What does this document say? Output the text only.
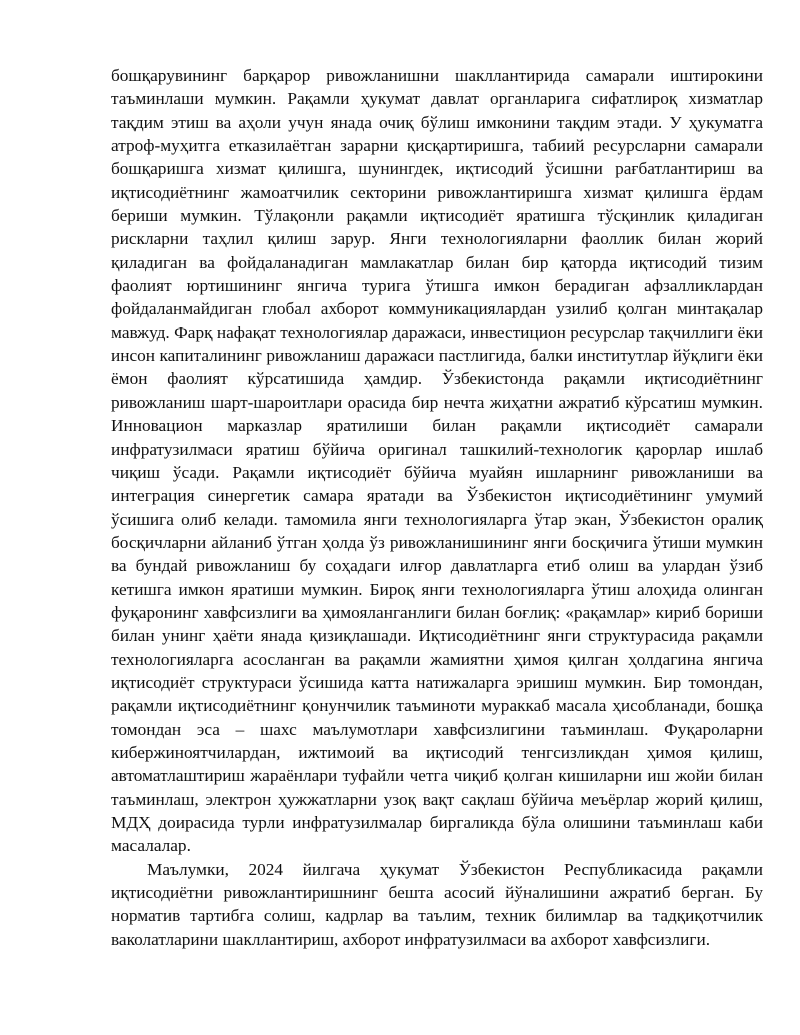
бошқарувининг барқарор ривожланишни шакллантирида самарали иштирокини таъминлаши мумкин. Рақамли ҳукумат давлат органларига сифатлироқ хизматлар тақдим этиш ва аҳоли учун янада очиқ бўлиш имконини тақдим этади. У ҳукуматга атроф-муҳитга етказилаётган зарарни қисқартиришга, табиий ресурсларни самарали бошқаришга хизмат қилишга, шунингдек, иқтисодий ўсишни рағбатлантириш ва иқтисодиётнинг жамоатчилик секторини ривожлантиришга хизмат қилишга ёрдам бериши мумкин. Тўлақонли рақамли иқтисодиёт яратишга тўсқинлик қиладиган рискларни таҳлил қилиш зарур. Янги технологияларни фаоллик билан жорий қиладиган ва фойдаланадиган мамлакатлар билан бир қаторда иқтисодий тизим фаолият юртишининг янгича турига ўтишга имкон берадиган афзалликлардан фойдаланмайдиган глобал ахборот коммуникациялардан узилиб қолган минтақалар мавжуд. Фарқ нафақат технологиялар даражаси, инвестицион ресурслар тақчиллиги ёки инсон капиталининг ривожланиш даражаси пастлигида, балки институтлар йўқлиги ёки ёмон фаолият кўрсатишида ҳамдир. Ўзбекистонда рақамли иқтисодиётнинг ривожланиш шарт-шароитлари орасида бир нечта жиҳатни ажратиб кўрсатиш мумкин. Инновацион марказлар яратилиши билан рақамли иқтисодиёт самарали инфратузилмаси яратиш бўйича оригинал ташкилий-технологик қарорлар ишлаб чиқиш ўсади. Рақамли иқтисодиёт бўйича муайян ишларнинг ривожланиши ва интеграция синергетик самара яратади ва Ўзбекистон иқтисодиётининг умумий ўсишига олиб келади. тамомила янги технологияларга ўтар экан, Ўзбекистон оралиқ босқичларни айланиб ўтган ҳолда ўз ривожланишининг янги босқичига ўтиши мумкин ва бундай ривожланиш бу соҳадаги илғор давлатларга етиб олиш ва улардан ўзиб кетишга имкон яратиши мумкин. Бироқ янги технологияларга ўтиш алоҳида олинган фуқаронинг хавфсизлиги ва ҳимояланганлиги билан боғлиқ: «рақамлар» кириб бориши билан унинг ҳаёти янада қизиқлашади. Иқтисодиётнинг янги структурасида рақамли технологияларга асосланган ва рақамли жамиятни ҳимоя қилган ҳолдагина янгича иқтисодиёт структураси ўсишида катта натижаларга эришиш мумкин. Бир томондан, рақамли иқтисодиётнинг қонунчилик таъминоти мураккаб масала ҳисобланади, бошқа томондан эса – шахс маълумотлари хавфсизлигини таъминлаш. Фуқароларни кибержиноятчилардан, ижтимоий ва иқтисодий тенгсизликдан ҳимоя қилиш, автоматлаштириш жараёнлари туфайли четга чиқиб қолган кишиларни иш жойи билан таъминлаш, электрон ҳужжатларни узоқ вақт сақлаш бўйича меъёрлар жорий қилиш, МДҲ доирасида турли инфратузилмалар биргаликда бўла олишини таъминлаш каби масалалар.

Маълумки, 2024 йилгача ҳукумат Ўзбекистон Республикасида рақамли иқтисодиётни ривожлантиришнинг бешта асосий йўналишини ажратиб берган. Бу норматив тартибга солиш, кадрлар ва таълим, техник билимлар ва тадқиқотчилик ваколатларини шакллантириш, ахборот инфратузилмаси ва ахборот хавфсизлиги.
